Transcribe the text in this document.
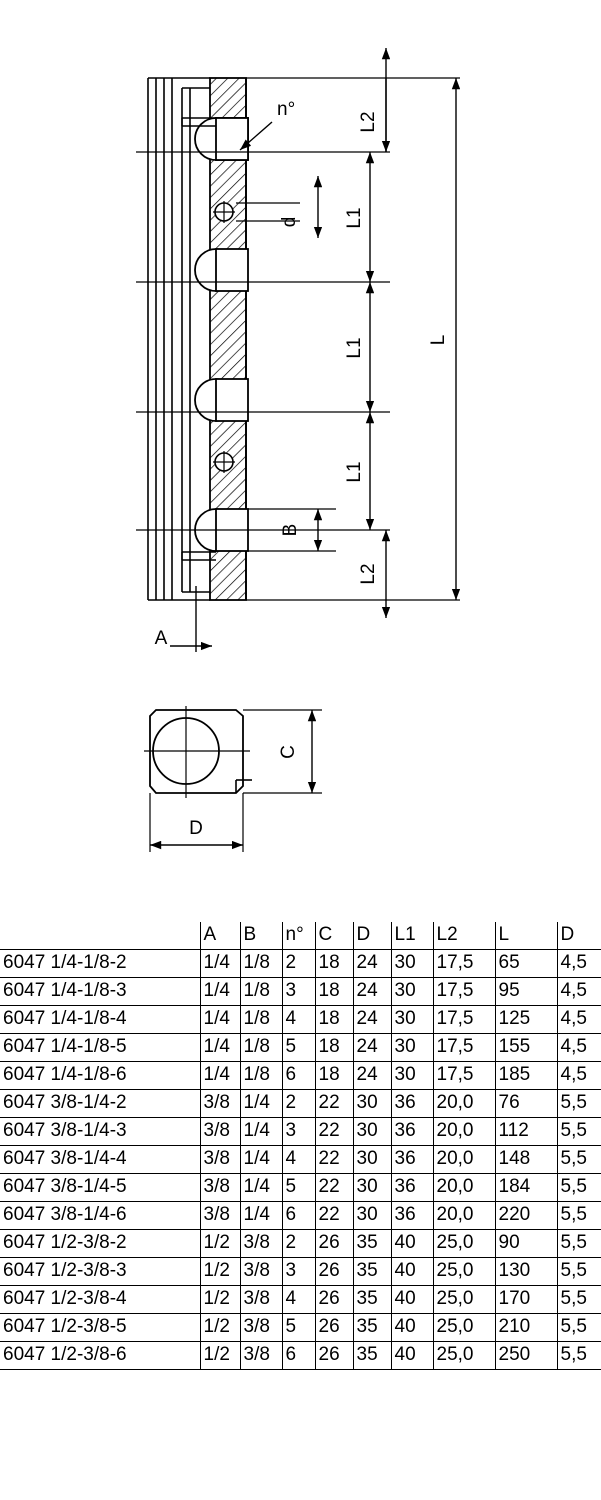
n°
L2
d L1
L1
L1
L2
L
B
A
C
D
	A	B	n°	C	D	L1	L2	L	D
6047 1/4-1/8-2	1/4	1/8	2	18	24	30	17,5	65	4,5
6047 1/4-1/8-3	1/4	1/8	3	18	24	30	17,5	95	4,5
6047 1/4-1/8-4	1/4	1/8	4	18	24	30	17,5	125	4,5
6047 1/4-1/8-5	1/4	1/8	5	18	24	30	17,5	155	4,5
6047 1/4-1/8-6	1/4	1/8	6	18	24	30	17,5	185	4,5
6047 3/8-1/4-2	3/8	1/4	2	22	30	36	20,0	76	5,5
6047 3/8-1/4-3	3/8	1/4	3	22	30	36	20,0	112	5,5
6047 3/8-1/4-4	3/8	1/4	4	22	30	36	20,0	148	5,5
6047 3/8-1/4-5	3/8	1/4	5	22	30	36	20,0	184	5,5
6047 3/8-1/4-6	3/8	1/4	6	22	30	36	20,0	220	5,5
6047 1/2-3/8-2	1/2	3/8	2	26	35	40	25,0	90	5,5
6047 1/2-3/8-3	1/2	3/8	3	26	35	40	25,0	130	5,5
6047 1/2-3/8-4	1/2	3/8	4	26	35	40	25,0	170	5,5
6047 1/2-3/8-5	1/2	3/8	5	26	35	40	25,0	210	5,5
6047 1/2-3/8-6	1/2	3/8	6	26	35	40	25,0	250	5,5
